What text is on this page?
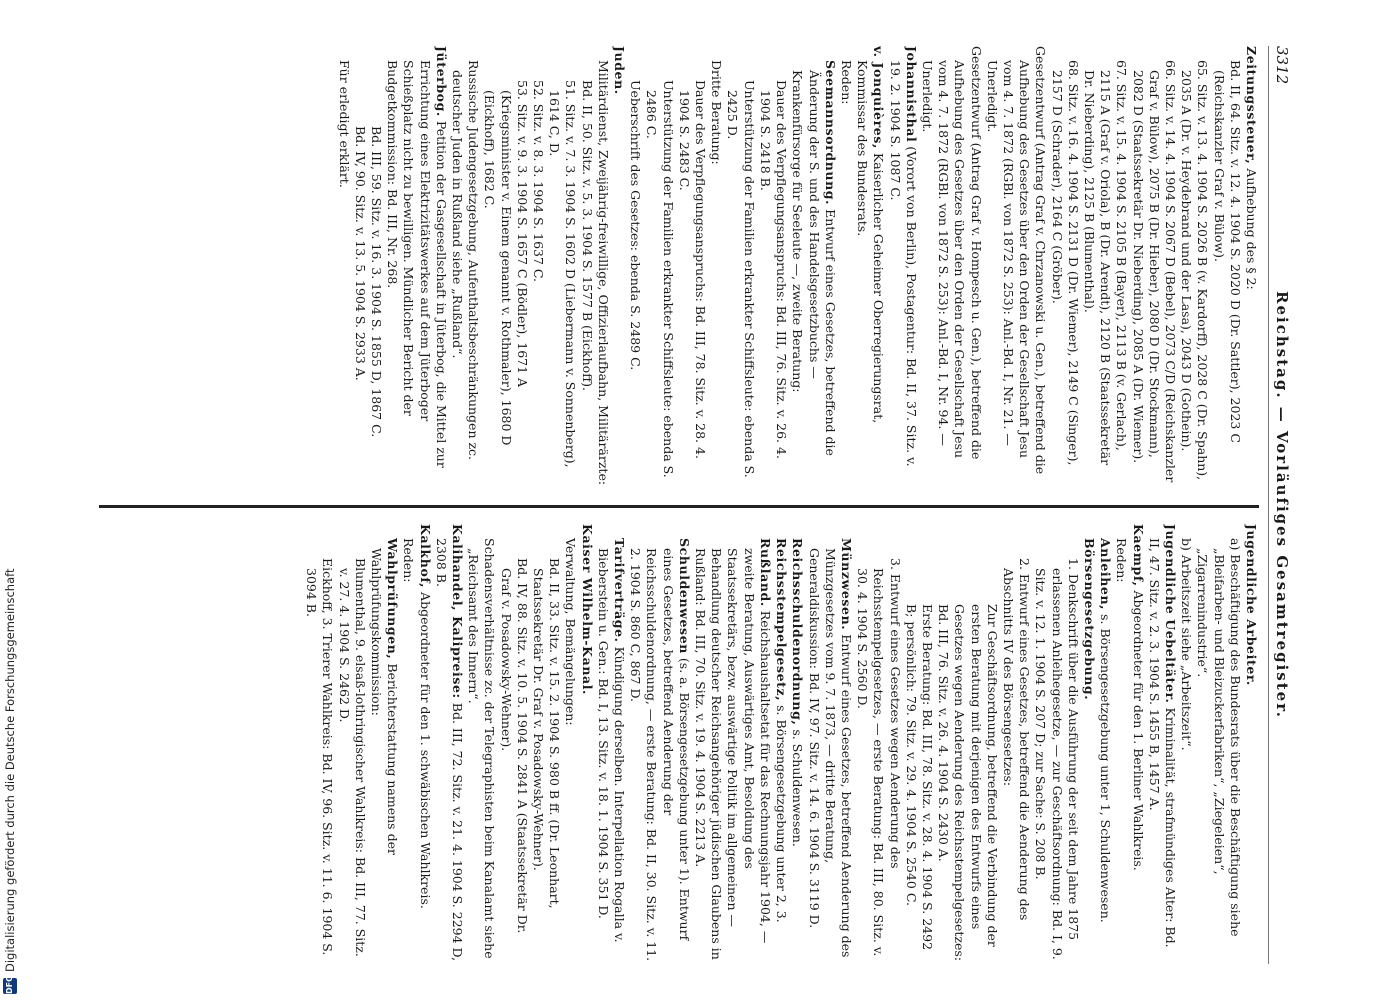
3312
Reichstag. — Vorläufiges Gesamtregister.

Zeitungssteuer, Aufhebung des § 2:

Bd. II, 64. Sitz. v. 12. 4. 1904 S. 2020 D (Dr. Sattler), 2023 C (Reichskanzler Graf v. Bülow).

65. Sitz. v. 13. 4. 1904 S. 2026 B (v. Kardorff), 2028 C (Dr. Spahn), 2035 A (Dr. v. Heydebrand und der Lasa), 2043 D (Gothein).

66. Sitz. v. 14. 4. 1904 S. 2067 D (Bebel), 2073 C/D (Reichskanzler Graf v. Bülow), 2075 B (Dr. Hieber), 2080 D (Dr. Stockmann), 2082 D (Staatssekretär Dr. Nieberding), 2085 A (Dr. Wiemer).

67. Sitz. v. 15. 4. 1904 S. 2105 B (Bayer), 2113 B (v. Gerlach), 2115 A (Graf v. Oriola), B (Dr. Arendt), 2120 B (Staatssekretär Dr. Nieberding), 2125 B (Blumenthal).

68. Sitz. v. 16. 4. 1904 S. 2131 D (Dr. Wiemer), 2149 C (Singer), 2157 D (Schrader), 2164 C (Gröber).

Gesetzentwurf (Antrag Graf v. Chrzanowski u. Gen.), betreffend die Aufhebung des Gesetzes über den Orden der Gesellschaft Jesu vom 4. 7. 1872 (RGBl. von 1872 S. 253): Anl.-Bd. I, Nr. 21. — Unerledigt.

Gesetzentwurf (Antrag Graf v. Hompesch u. Gen.), betreffend die Aufhebung des Gesetzes über den Orden der Gesellschaft Jesu vom 4. 7. 1872 (RGBl. von 1872 S. 253): Anl.-Bd. I, Nr. 94. — Unerledigt.

Johannisthal (Vorort von Berlin), Postagentur: Bd. II, 37. Sitz. v. 19. 2. 1904 S. 1087 C.

v. Jonquières, Kaiserlicher Geheimer Oberregierungsrat, Kommissar des Bundesrats.

Reden:

Seemannsordnung. Entwurf eines Gesetzes, betreffend die Änderung der S. und des Handelsgesetzbuchs — Krankenfürsorge für Seeleute —, zweite Beratung:

Dauer des Verpflegungsanspruchs: Bd. III, 76. Sitz. v. 26. 4. 1904 S. 2418 B.

Unterstützung der Familien erkrankter Schiffsleute: ebenda S. 2425 D.

Dritte Beratung:

Dauer des Verpflegungsanspruchs: Bd. III, 78. Sitz. v. 28. 4. 1904 S. 2483 C.

Unterstützung der Familien erkrankter Schiffsleute: ebenda S. 2486 C.

Ueberschrift des Gesetzes: ebenda S. 2489 C.

Juden.

Militärdienst, Zweijährig-freiwillige, Offizierlaufbahn, Militärärzte:

Bd. II, 50. Sitz. v. 5. 3. 1904 S. 1577 B (Eickhoff).

51. Sitz. v. 7. 3. 1904 S. 1602 D (Liebermann v. Sonnenberg), 1614 C, D.

52. Sitz. v. 8. 3. 1904 S. 1637 C.

53. Sitz. v. 9. 3. 1904 S. 1657 C (Bödler), 1671 A (Kriegsminister v. Einem genannt v. Rothmaler), 1680 D (Eickhoff), 1682 C.

Russische Judengesetzgebung, Aufenthaltsbeschränkungen zc. deutscher Juden in Rußland siehe „Rußland“.

Jüterbog. Petition der Gasgesellschaft in Jüterbog, die Mittel zur Errichtung eines Elektrizitätswerkes auf dem Jüterboger Schießplatz nicht zu bewilligen. Mündlicher Bericht der Budgetkommission: Bd. III, Nr. 268.

Bd. III, 59. Sitz. v. 16. 3. 1904 S. 1855 D, 1867 C.

Bd. IV, 90. Sitz. v. 13. 5. 1904 S. 2933 A.

Für erledigt erklärt.

Jugendliche Arbeiter.

a) Beschäftigung des Bundesrats über die Beschäftigung siehe „Bleifarben- und Bleizuckerfabriken“, „Ziegeleien“, „Zigarrenindustrie“.

b) Arbeitszeit siehe „Arbeitszeit“.

Jugendliche Uebeltäter. Kriminalität, strafmündiges Alter: Bd. II, 47. Sitz. v. 2. 3. 1904 S. 1455 B, 1457 A.

Kaempf, Abgeordneter für den 1. Berliner Wahlkreis.

Reden:

Anleihen, s. Börsengesetzgebung unter 1, Schuldenwesen.

Börsengesetzgebung.

1. Denkschrift über die Ausführung der seit dem Jahre 1875 erlassenen Anleihegesetze, — zur Geschäftsordnung: Bd. I, 9. Sitz. v. 12. 1. 1904 S. 207 D; zur Sache: S. 208 B.

2. Entwurf eines Gesetzes, betreffend die Aenderung des Abschnitts IV des Börsengesetzes:

Zur Geschäftsordnung, betreffend die Verbindung der ersten Beratung mit derjenigen des Entwurfs eines Gesetzes wegen Aenderung des Reichsstempelgesetzes: Bd. III, 76. Sitz. v. 26. 4. 1904 S. 2430 A.

Erste Beratung: Bd. III, 78. Sitz. v. 28. 4. 1904 S. 2492 B; persönlich: 79. Sitz. v. 29. 4. 1904 S. 2540 C.

3. Entwurf eines Gesetzes wegen Aenderung des Reichsstempelgesetzes, — erste Beratung: Bd. III, 80. Sitz. v. 30. 4. 1904 S. 2560 D.

Münzwesen. Entwurf eines Gesetzes, betreffend Aenderung des Münzgesetzes vom 9. 7. 1873, — dritte Beratung, Generaldiskussion: Bd. IV, 97. Sitz. v. 14. 6. 1904 S. 3119 D.

Reichsschuldenordnung, s. Schuldenwesen.

Reichsstempelgesetz, s. Börsengesetzgebung unter 2, 3.

Rußland. Reichshaushaltsetat für das Rechnungsjahr 1904, — zweite Beratung, Auswärtiges Amt, Besoldung des Staatssekretärs, bezw. auswärtige Politik im allgemeinen — Behandlung deutscher Reichsangehöriger jüdischen Glaubens in Rußland: Bd. III, 70. Sitz. v. 19. 4. 1904 S. 2213 A.

Schuldenwesen (s. a. Börsengesetzgebung unter 1). Entwurf eines Gesetzes, betreffend Aenderung der Reichsschuldenordnung, — erste Beratung: Bd. II, 30. Sitz. v. 11. 2. 1904 S. 860 C, 867 D.

Tarifverträge. Kündigung derselben. Interpellation Rogalla v. Bieberstein u. Gen.: Bd. I, 13. Sitz. v. 18. 1. 1904 S. 351 D.

Kaiser Wilhelm-Kanal.

Verwaltung, Bemängelungen:

Bd. II, 33. Sitz. v. 15. 2. 1904 S. 980 B ff. (Dr. Leonhart, Staatssekretär Dr. Graf v. Posadowsky-Wehner).

Bd. IV, 88. Sitz. v. 10. 5. 1904 S. 2841 A (Staatssekretär Dr. Graf v. Posadowsky-Wehner).

Schadensverhältnisse zc. der Telegraphisten beim Kanalamt siehe „Reichsamt des Innern“.

Kalihandel, Kalipreise: Bd. III, 72. Sitz. v. 21. 4. 1904 S. 2294 D, 2308 B.

Kalkhof, Abgeordneter für den 1. schwäbischen Wahlkreis.

Reden:

Wahlprüfungen, Berichterstattung namens der Wahlprüfungskommission:

Blumenthal, 9. elsaß-lothringischer Wahlkreis: Bd. III, 77. Sitz. v. 27. 4. 1904 S. 2462 D.

Eickhoff, 3. Trierer Wahlkreis: Bd. IV, 96. Sitz. v. 11. 6. 1904 S. 3094 B.

DFG
Digitalisierung gefördert durch die Deutsche Forschungsgemeinschaft
